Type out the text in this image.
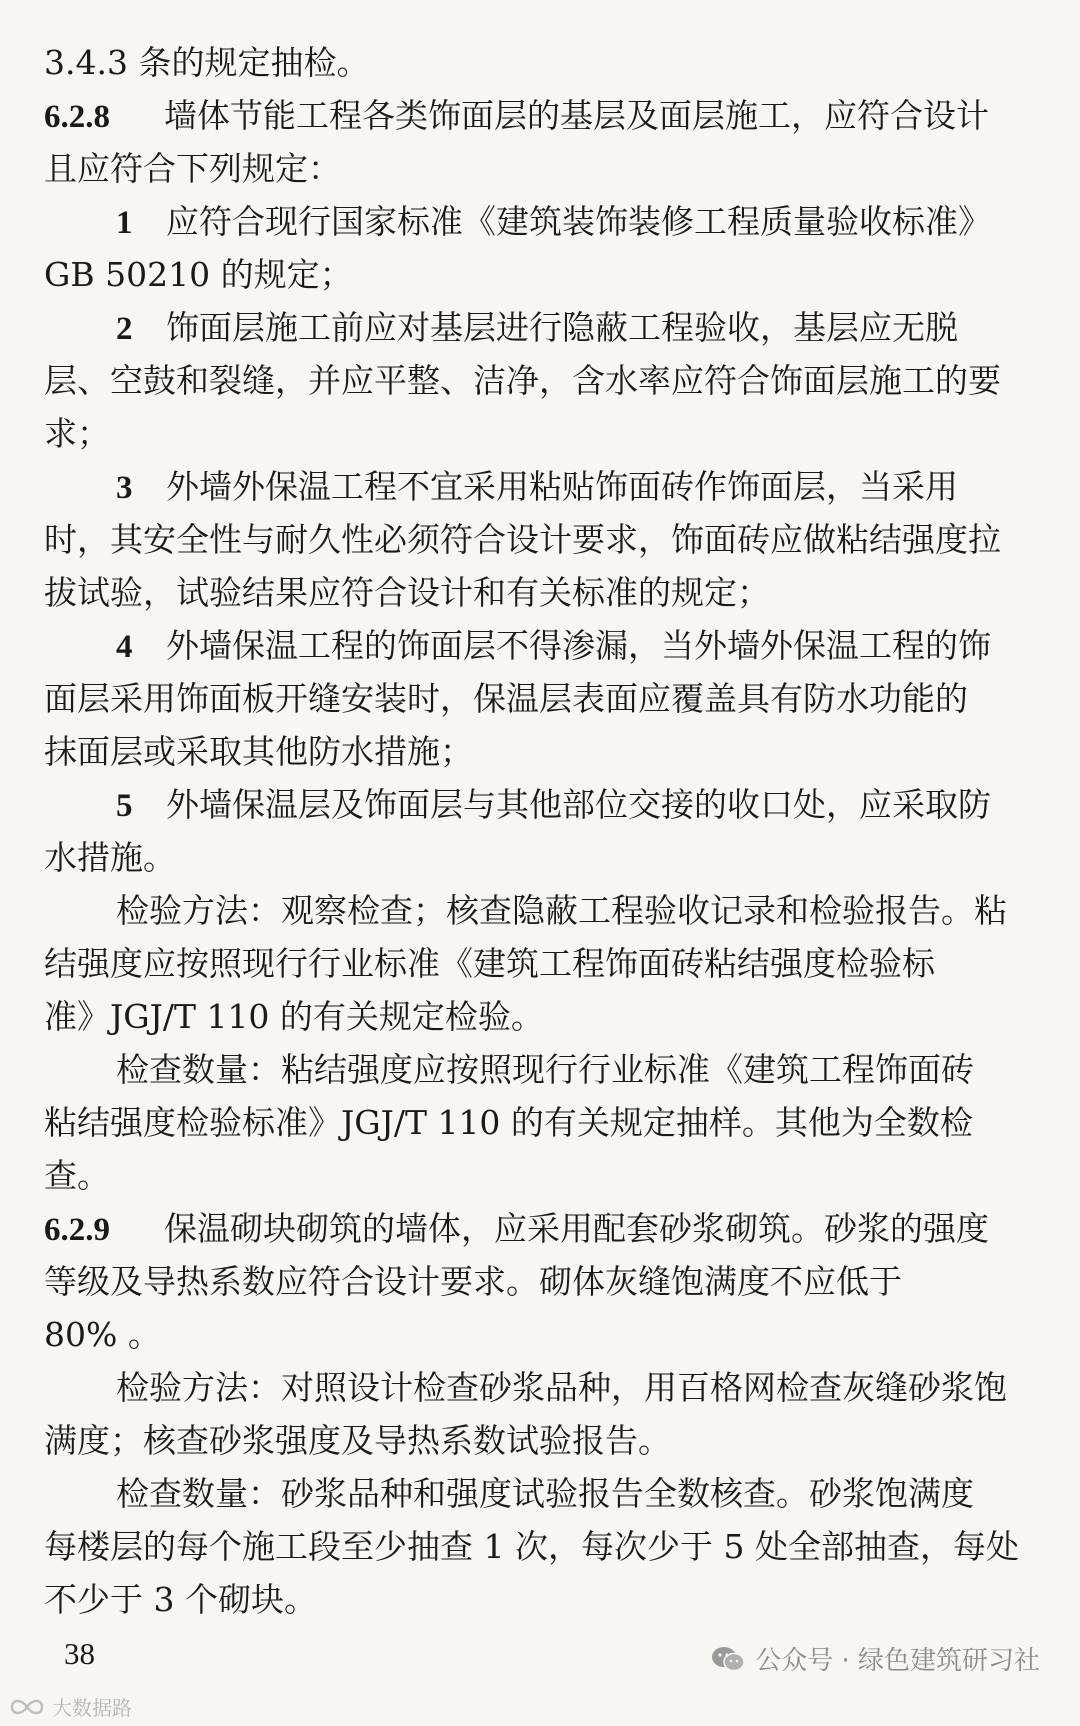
3.4.3 条的规定抽检。
6.2.8 墙体节能工程各类饰面层的基层及面层施工，应符合设计
且应符合下列规定：
1 应符合现行国家标准《建筑装饰装修工程质量验收标准》
GB 50210 的规定；
2 饰面层施工前应对基层进行隐蔽工程验收，基层应无脱
层、空鼓和裂缝，并应平整、洁净，含水率应符合饰面层施工的要
求；
3 外墙外保温工程不宜采用粘贴饰面砖作饰面层，当采用
时，其安全性与耐久性必须符合设计要求，饰面砖应做粘结强度拉
拔试验，试验结果应符合设计和有关标准的规定；
4 外墙保温工程的饰面层不得渗漏，当外墙外保温工程的饰
面层采用饰面板开缝安装时，保温层表面应覆盖具有防水功能的
抹面层或采取其他防水措施；
5 外墙保温层及饰面层与其他部位交接的收口处，应采取防
水措施。
检验方法：观察检查；核查隐蔽工程验收记录和检验报告。粘
结强度应按照现行行业标准《建筑工程饰面砖粘结强度检验标
准》JGJ/T 110 的有关规定检验。
检查数量：粘结强度应按照现行行业标准《建筑工程饰面砖
粘结强度检验标准》JGJ/T 110 的有关规定抽样。其他为全数检
查。
6.2.9 保温砌块砌筑的墙体，应采用配套砂浆砌筑。砂浆的强度
等级及导热系数应符合设计要求。砌体灰缝饱满度不应低于
80% 。
检验方法：对照设计检查砂浆品种，用百格网检查灰缝砂浆饱
满度；核查砂浆强度及导热系数试验报告。
检查数量：砂浆品种和强度试验报告全数核查。砂浆饱满度
每楼层的每个施工段至少抽查 1 次，每次少于 5 处全部抽查，每处
不少于 3 个砌块。
38	公众号 · 绿色建筑研习社
大数据路
